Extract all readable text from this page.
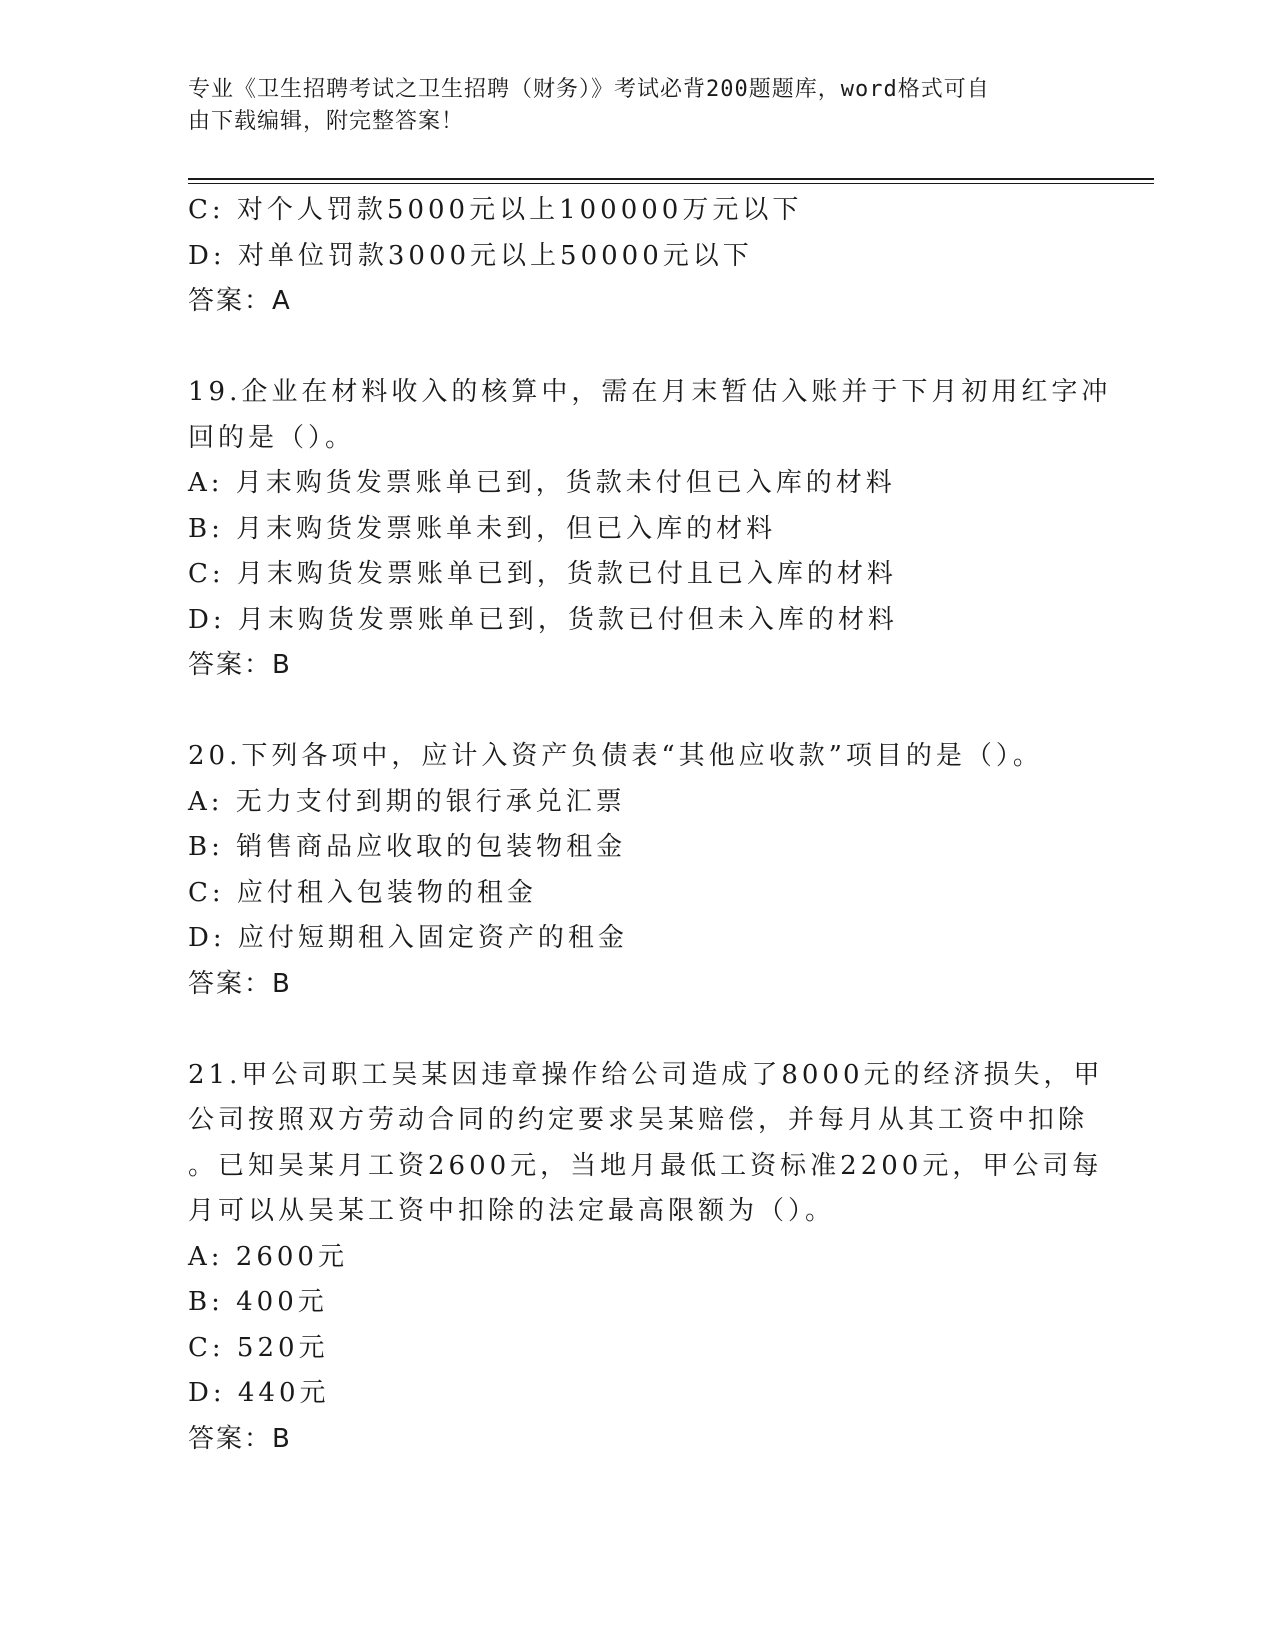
专业《卫生招聘考试之卫生招聘（财务）》考试必背200题题库，word格式可自
由下载编辑，附完整答案！
C: 对个人罚款5000元以上100000万元以下
D: 对单位罚款3000元以上50000元以下
答案：A
19.企业在材料收入的核算中，需在月末暂估入账并于下月初用红字冲
回的是（）。
A: 月末购货发票账单已到，货款未付但已入库的材料
B: 月末购货发票账单未到，但已入库的材料
C: 月末购货发票账单已到，货款已付且已入库的材料
D: 月末购货发票账单已到，货款已付但未入库的材料
答案：B
20.下列各项中，应计入资产负债表“其他应收款”项目的是（）。
A: 无力支付到期的银行承兑汇票
B: 销售商品应收取的包装物租金
C: 应付租入包装物的租金
D: 应付短期租入固定资产的租金
答案：B
21.甲公司职工吴某因违章操作给公司造成了8000元的经济损失，甲
公司按照双方劳动合同的约定要求吴某赔偿，并每月从其工资中扣除
。已知吴某月工资2600元，当地月最低工资标准2200元，甲公司每
月可以从吴某工资中扣除的法定最高限额为（）。
A: 2600元
B: 400元
C: 520元
D: 440元
答案：B
